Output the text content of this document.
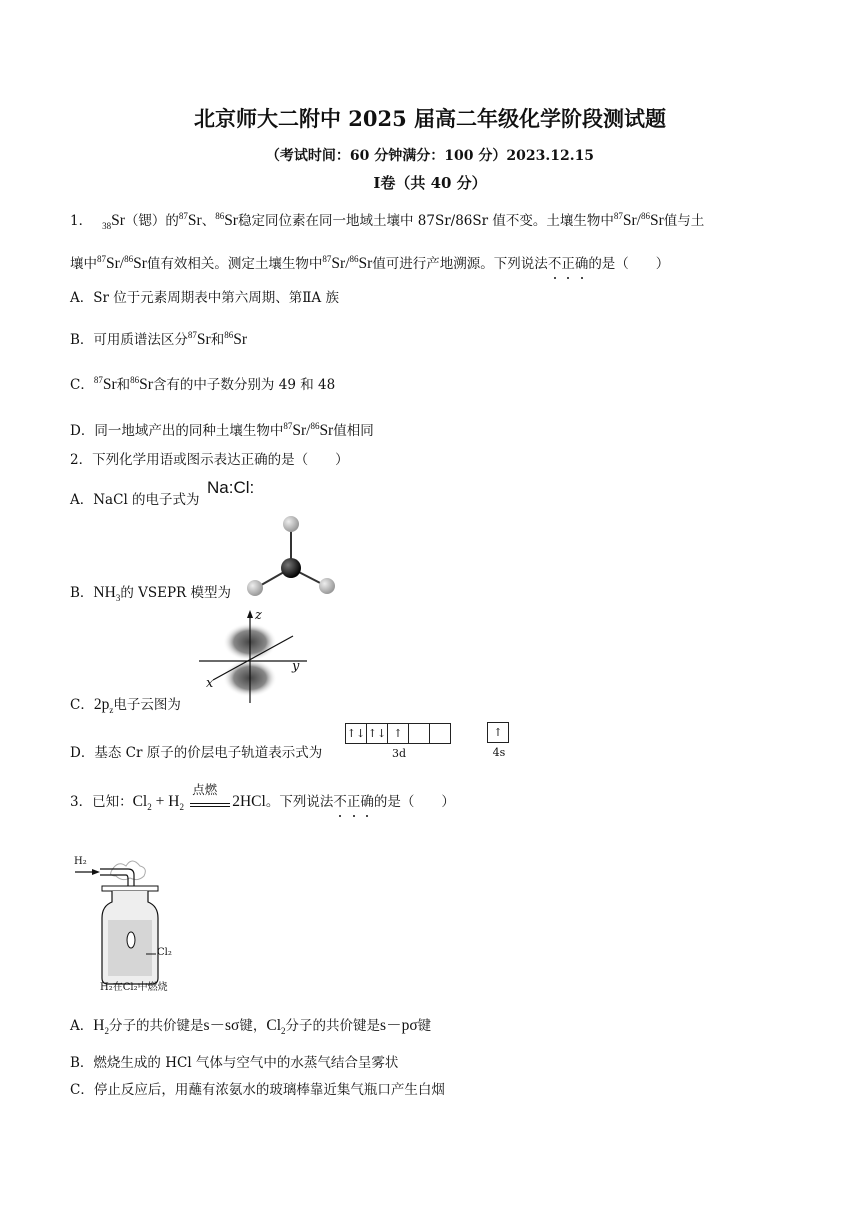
北京师大二附中 2025 届高二年级化学阶段测试题
（考试时间：60 分钟满分：100 分）2023.12.15
Ⅰ卷（共 40 分）
1． $_{38}$Sr（锶）的$^{87}$Sr、$^{86}$Sr稳定同位素在同一地域土壤中 87Sr/86Sr 值不变。土壤生物中$^{87}$Sr/$^{86}$Sr值与土
壤中$^{87}$Sr/$^{86}$Sr值有效相关。测定土壤生物中$^{87}$Sr/$^{86}$Sr值可进行产地溯源。下列说法不正确的是（　　）
A．Sr 位于元素周期表中第六周期、第ⅡA 族
B．可用质谱法区分$^{87}$Sr和$^{86}$Sr
C．$^{87}$Sr和$^{86}$Sr含有的中子数分别为 49 和 48
D．同一地域产出的同种土壤生物中$^{87}$Sr/$^{86}$Sr值相同
2．下列化学用语或图示表达正确的是（　　）
A．NaCl 的电子式为
Na:Cl:
B．$NH_3$的 VSEPR 模型为
z
y
x
C．$2p_z$电子云图为
D．基态 Cr 原子的价层电子轨道表示式为
↑↓ ↑↓ ↑
3d
↑
4s
3．已知：$Cl_2 + H_2$
点燃
2HCl。下列说法不正确的是（　　）
H₂
Cl₂
H₂在Cl₂中燃烧
A．$H_2$分子的共价键是s－sσ键，$Cl_2$分子的共价键是s－pσ键
B．燃烧生成的 HCl 气体与空气中的水蒸气结合呈雾状
C．停止反应后，用蘸有浓氨水的玻璃棒靠近集气瓶口产生白烟
